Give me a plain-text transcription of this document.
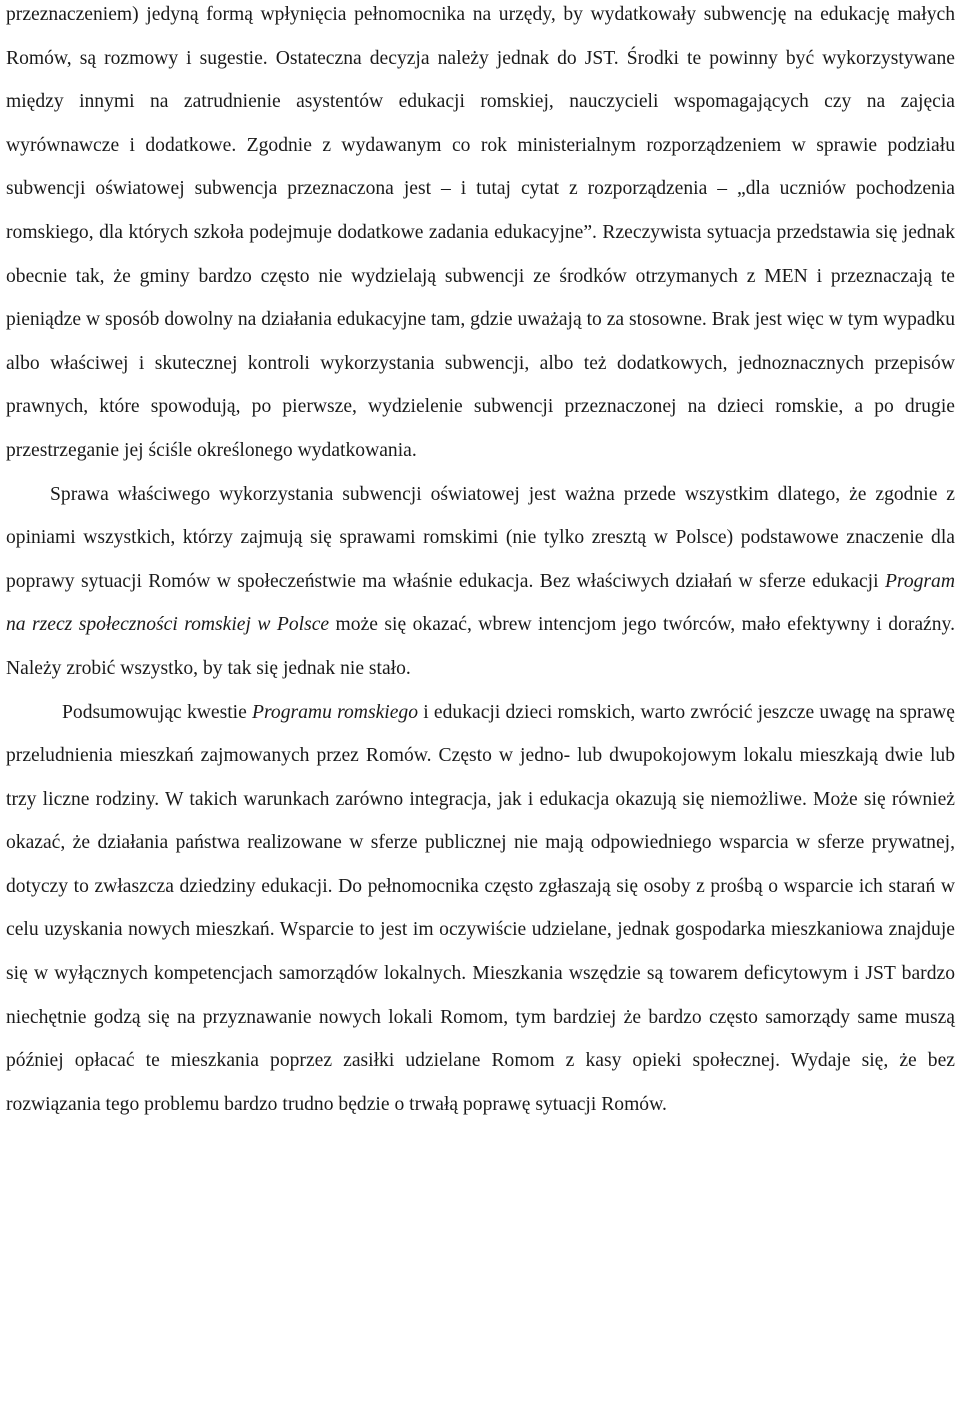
przeznaczeniem) jedyną formą wpłynięcia pełnomocnika na urzędy, by wydatkowały subwencję na edukację małych Romów, są rozmowy i sugestie. Ostateczna decyzja należy jednak do JST. Środki te powinny być wykorzystywane między innymi na zatrudnienie asystentów edukacji romskiej, nauczycieli wspomagających czy na zajęcia wyrównawcze i dodatkowe. Zgodnie z wydawanym co rok ministerialnym rozporządzeniem w sprawie podziału subwencji oświatowej subwencja przeznaczona jest – i tutaj cytat z rozporządzenia – „dla uczniów pochodzenia romskiego, dla których szkoła podejmuje dodatkowe zadania edukacyjne”. Rzeczywista sytuacja przedstawia się jednak obecnie tak, że gminy bardzo często nie wydzielają subwencji ze środków otrzymanych z MEN i przeznaczają te pieniądze w sposób dowolny na działania edukacyjne tam, gdzie uważają to za stosowne. Brak jest więc w tym wypadku albo właściwej i skutecznej kontroli wykorzystania subwencji, albo też dodatkowych, jednoznacznych przepisów prawnych, które spowodują, po pierwsze, wydzielenie subwencji przeznaczonej na dzieci romskie, a po drugie przestrzeganie jej ściśle określonego wydatkowania.

Sprawa właściwego wykorzystania subwencji oświatowej jest ważna przede wszystkim dlatego, że zgodnie z opiniami wszystkich, którzy zajmują się sprawami romskimi (nie tylko zresztą w Polsce) podstawowe znaczenie dla poprawy sytuacji Romów w społeczeństwie ma właśnie edukacja. Bez właściwych działań w sferze edukacji Program na rzecz społeczności romskiej w Polsce może się okazać, wbrew intencjom jego twórców, mało efektywny i doraźny. Należy zrobić wszystko, by tak się jednak nie stało.

Podsumowując kwestie Programu romskiego i edukacji dzieci romskich, warto zwrócić jeszcze uwagę na sprawę przeludnienia mieszkań zajmowanych przez Romów. Często w jedno- lub dwupokojowym lokalu mieszkają dwie lub trzy liczne rodziny. W takich warunkach zarówno integracja, jak i edukacja okazują się niemożliwe. Może się również okazać, że działania państwa realizowane w sferze publicznej nie mają odpowiedniego wsparcia w sferze prywatnej, dotyczy to zwłaszcza dziedziny edukacji. Do pełnomocnika często zgłaszają się osoby z prośbą o wsparcie ich starań w celu uzyskania nowych mieszkań. Wsparcie to jest im oczywiście udzielane, jednak gospodarka mieszkaniowa znajduje się w wyłącznych kompetencjach samorządów lokalnych. Mieszkania wszędzie są towarem deficytowym i JST bardzo niechętnie godzą się na przyznawanie nowych lokali Romom, tym bardziej że bardzo często samorządy same muszą później opłacać te mieszkania poprzez zasiłki udzielane Romom z kasy opieki społecznej. Wydaje się, że bez rozwiązania tego problemu bardzo trudno będzie o trwałą poprawę sytuacji Romów.
